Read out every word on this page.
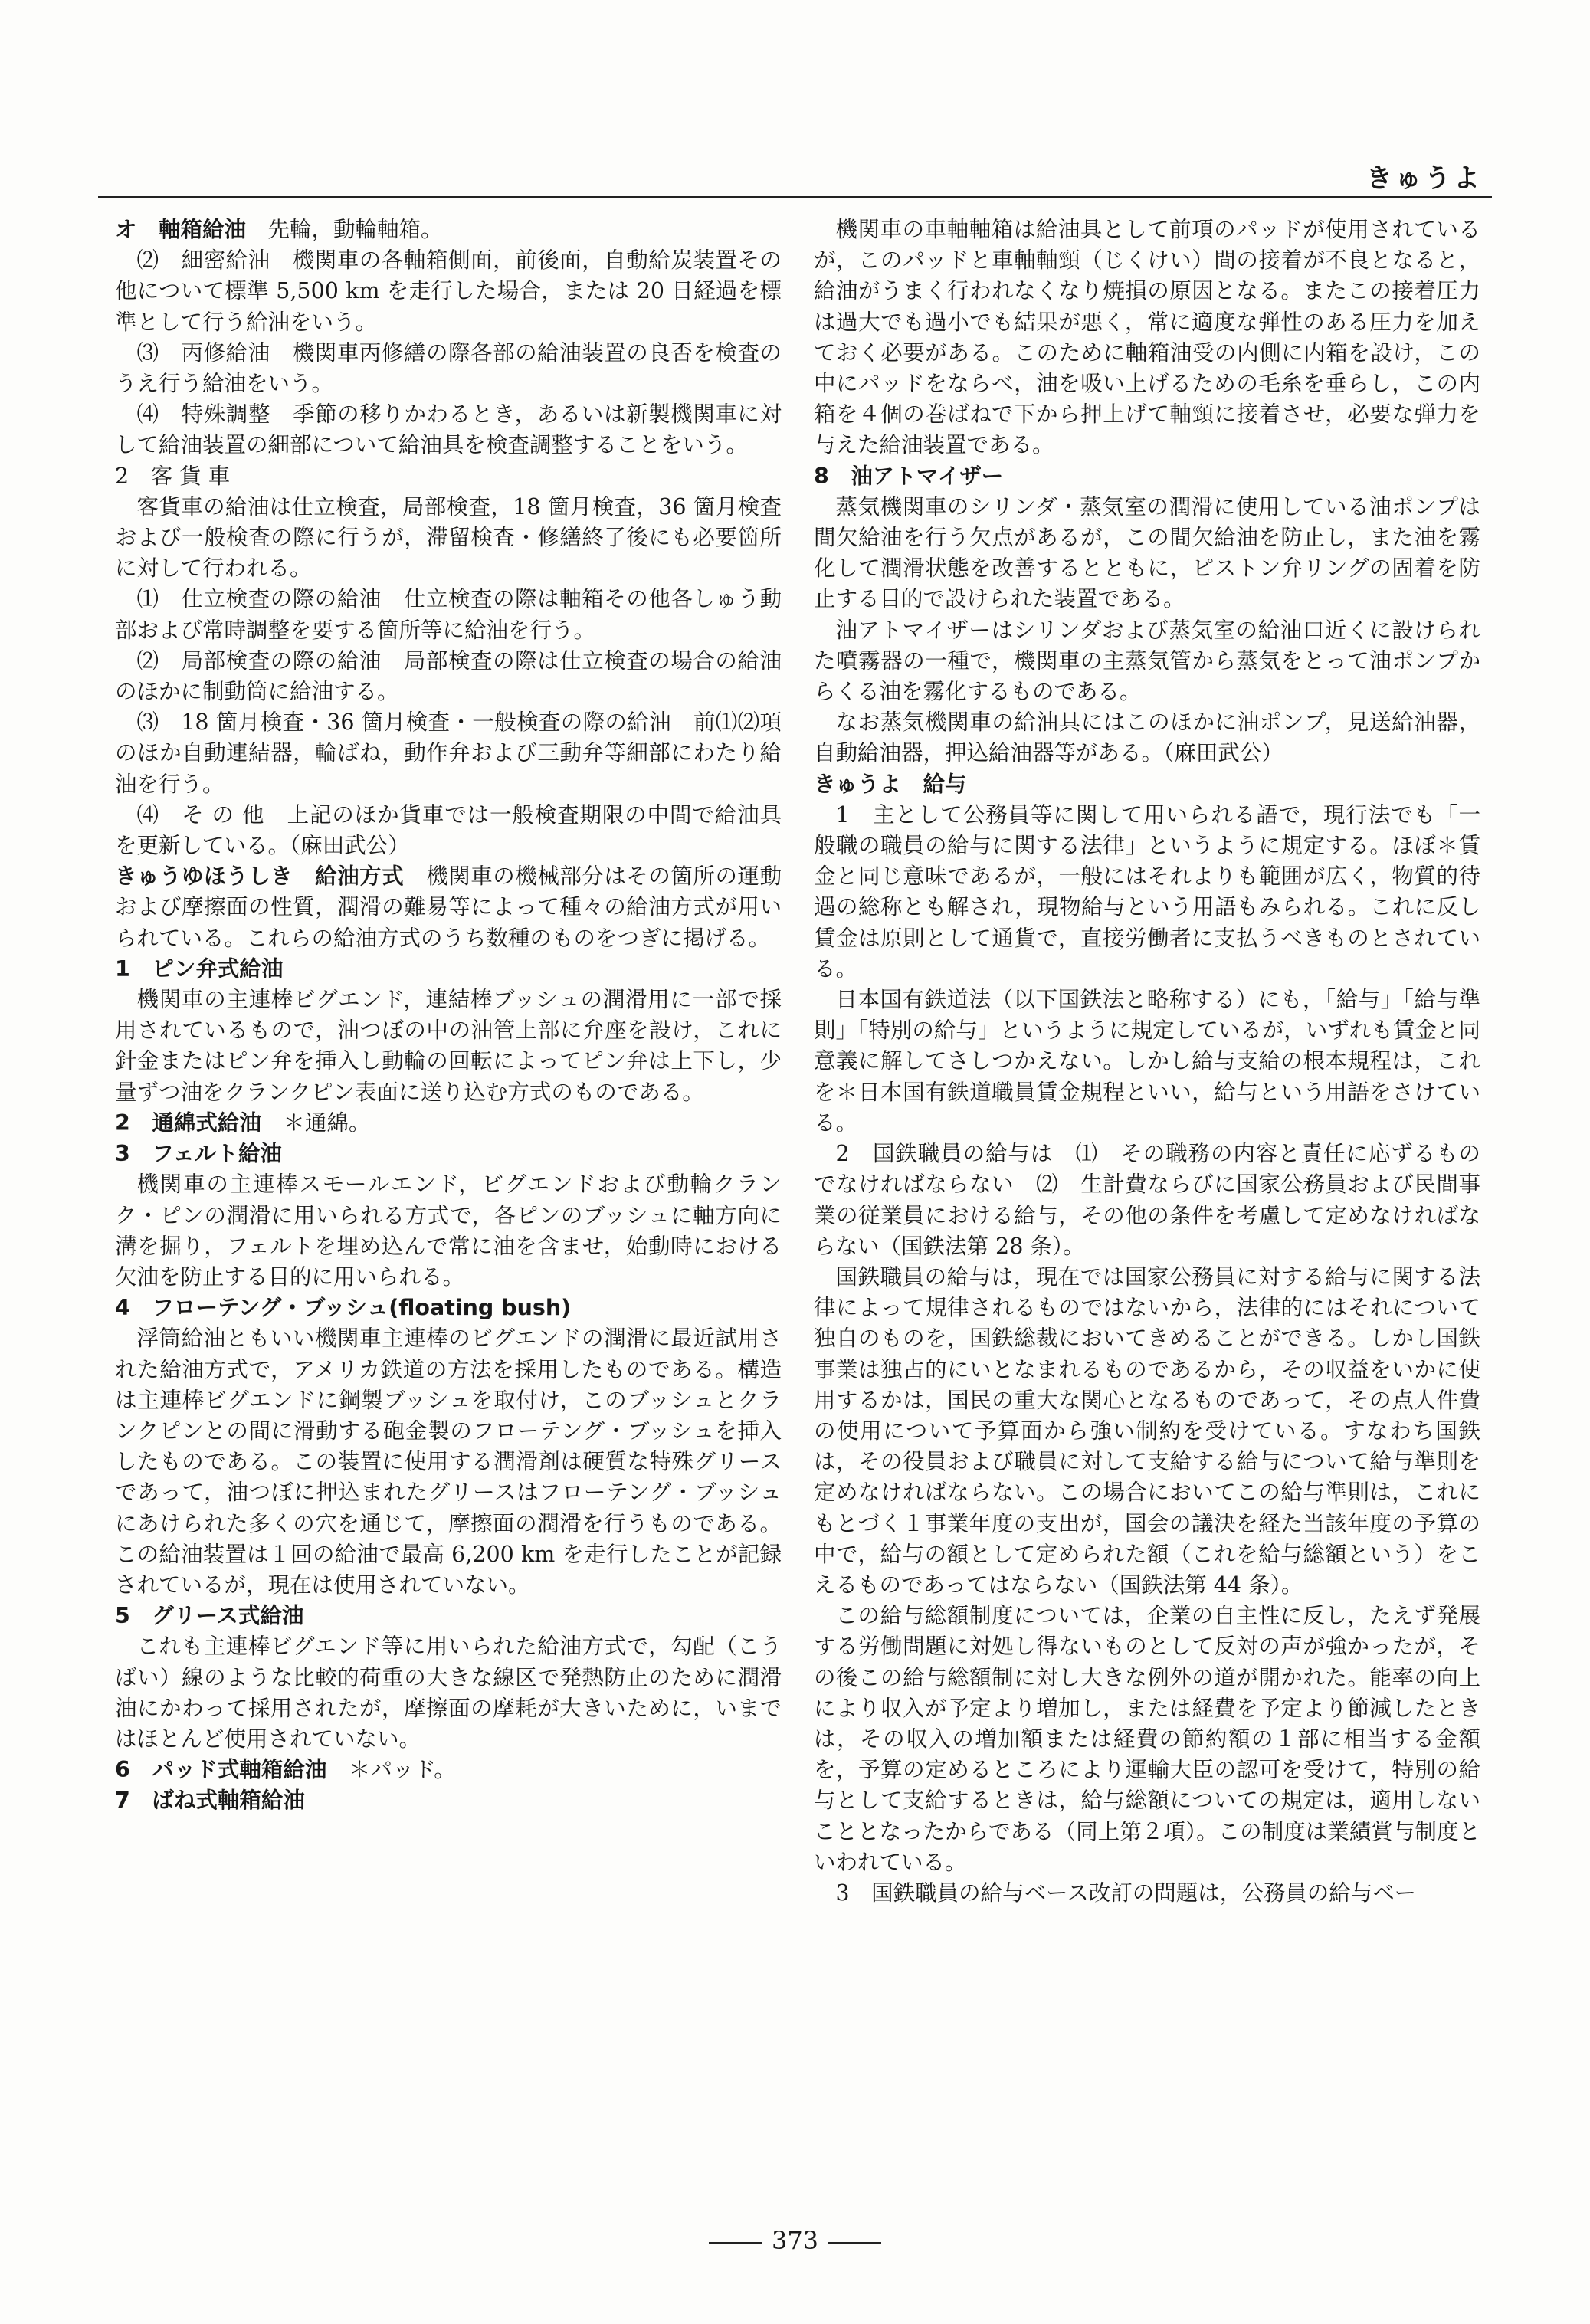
きゅうよ

オ　軸箱給油　先輪，動輪軸箱。

⑵　細密給油　機関車の各軸箱側面，前後面，自動給炭装置その他について標準 5,500 km を走行した場合，または 20 日経過を標準として行う給油をいう。

⑶　丙修給油　機関車丙修繕の際各部の給油装置の良否を検査のうえ行う給油をいう。

⑷　特殊調整　季節の移りかわるとき，あるいは新製機関車に対して給油装置の細部について給油具を検査調整することをいう。

2　客 貨 車

客貨車の給油は仕立検査，局部検査，18 箇月検査，36 箇月検査および一般検査の際に行うが，滞留検査・修繕終了後にも必要箇所に対して行われる。

⑴　仕立検査の際の給油　仕立検査の際は軸箱その他各しゅう動部および常時調整を要する箇所等に給油を行う。

⑵　局部検査の際の給油　局部検査の際は仕立検査の場合の給油のほかに制動筒に給油する。

⑶　18 箇月検査・36 箇月検査・一般検査の際の給油　前⑴⑵項のほか自動連結器，輪ばね，動作弁および三動弁等細部にわたり給油を行う。

⑷　そ の 他　上記のほか貨車では一般検査期限の中間で給油具を更新している。（麻田武公）

きゅうゆほうしき　給油方式　機関車の機械部分はその箇所の運動および摩擦面の性質，潤滑の難易等によって種々の給油方式が用いられている。これらの給油方式のうち数種のものをつぎに掲げる。

1　ピン弁式給油

機関車の主連棒ビグエンド，連結棒ブッシュの潤滑用に一部で採用されているもので，油つぼの中の油管上部に弁座を設け，これに針金またはピン弁を挿入し動輪の回転によってピン弁は上下し，少量ずつ油をクランクピン表面に送り込む方式のものである。

2　通綿式給油　＊通綿。

3　フェルト給油

機関車の主連棒スモールエンド，ビグエンドおよび動輪クランク・ピンの潤滑に用いられる方式で，各ピンのブッシュに軸方向に溝を掘り，フェルトを埋め込んで常に油を含ませ，始動時における欠油を防止する目的に用いられる。

4　フローテング・ブッシュ(floating bush)

浮筒給油ともいい機関車主連棒のビグエンドの潤滑に最近試用された給油方式で，アメリカ鉄道の方法を採用したものである。構造は主連棒ビグエンドに鋼製ブッシュを取付け，このブッシュとクランクピンとの間に滑動する砲金製のフローテング・ブッシュを挿入したものである。この装置に使用する潤滑剤は硬質な特殊グリースであって，油つぼに押込まれたグリースはフローテング・ブッシュにあけられた多くの穴を通じて，摩擦面の潤滑を行うものである。この給油装置は１回の給油で最高 6,200 km を走行したことが記録されているが，現在は使用されていない。

5　グリース式給油

これも主連棒ビグエンド等に用いられた給油方式で，勾配（こうばい）線のような比較的荷重の大きな線区で発熱防止のために潤滑油にかわって採用されたが，摩擦面の摩耗が大きいために，いまではほとんど使用されていない。

6　パッド式軸箱給油　＊パッド。

7　ばね式軸箱給油

機関車の車軸軸箱は給油具として前項のパッドが使用されているが，このパッドと車軸軸頸（じくけい）間の接着が不良となると，給油がうまく行われなくなり焼損の原因となる。またこの接着圧力は過大でも過小でも結果が悪く，常に適度な弾性のある圧力を加えておく必要がある。このために軸箱油受の内側に内箱を設け，この中にパッドをならべ，油を吸い上げるための毛糸を垂らし，この内箱を４個の巻ばねで下から押上げて軸頸に接着させ，必要な弾力を与えた給油装置である。

8　油アトマイザー

蒸気機関車のシリンダ・蒸気室の潤滑に使用している油ポンプは間欠給油を行う欠点があるが，この間欠給油を防止し，また油を霧化して潤滑状態を改善するとともに，ピストン弁リングの固着を防止する目的で設けられた装置である。

油アトマイザーはシリンダおよび蒸気室の給油口近くに設けられた噴霧器の一種で，機関車の主蒸気管から蒸気をとって油ポンプからくる油を霧化するものである。

なお蒸気機関車の給油具にはこのほかに油ポンプ，見送給油器，自動給油器，押込給油器等がある。（麻田武公）

きゅうよ　給与

1　主として公務員等に関して用いられる語で，現行法でも「一般職の職員の給与に関する法律」というように規定する。ほぼ＊賃金と同じ意味であるが，一般にはそれよりも範囲が広く，物質的待遇の総称とも解され，現物給与という用語もみられる。これに反し賃金は原則として通貨で，直接労働者に支払うべきものとされている。

日本国有鉄道法（以下国鉄法と略称する）にも，「給与」「給与準則」「特別の給与」というように規定しているが，いずれも賃金と同意義に解してさしつかえない。しかし給与支給の根本規程は，これを＊日本国有鉄道職員賃金規程といい，給与という用語をさけている。

2　国鉄職員の給与は　⑴　その職務の内容と責任に応ずるものでなければならない　⑵　生計費ならびに国家公務員および民間事業の従業員における給与，その他の条件を考慮して定めなければならない（国鉄法第 28 条）。

国鉄職員の給与は，現在では国家公務員に対する給与に関する法律によって規律されるものではないから，法律的にはそれについて独自のものを，国鉄総裁においてきめることができる。しかし国鉄事業は独占的にいとなまれるものであるから，その収益をいかに使用するかは，国民の重大な関心となるものであって，その点人件費の使用について予算面から強い制約を受けている。すなわち国鉄は，その役員および職員に対して支給する給与について給与準則を定めなければならない。この場合においてこの給与準則は，これにもとづく１事業年度の支出が，国会の議決を経た当該年度の予算の中で，給与の額として定められた額（これを給与総額という）をこえるものであってはならない（国鉄法第 44 条）。

この給与総額制度については，企業の自主性に反し，たえず発展する労働問題に対処し得ないものとして反対の声が強かったが，その後この給与総額制に対し大きな例外の道が開かれた。能率の向上により収入が予定より増加し，または経費を予定より節減したときは，その収入の増加額または経費の節約額の１部に相当する金額を，予算の定めるところにより運輸大臣の認可を受けて，特別の給与として支給するときは，給与総額についての規定は，適用しないこととなったからである（同上第２項）。この制度は業績賞与制度といわれている。

3　国鉄職員の給与ベース改訂の問題は，公務員の給与ベー

373
